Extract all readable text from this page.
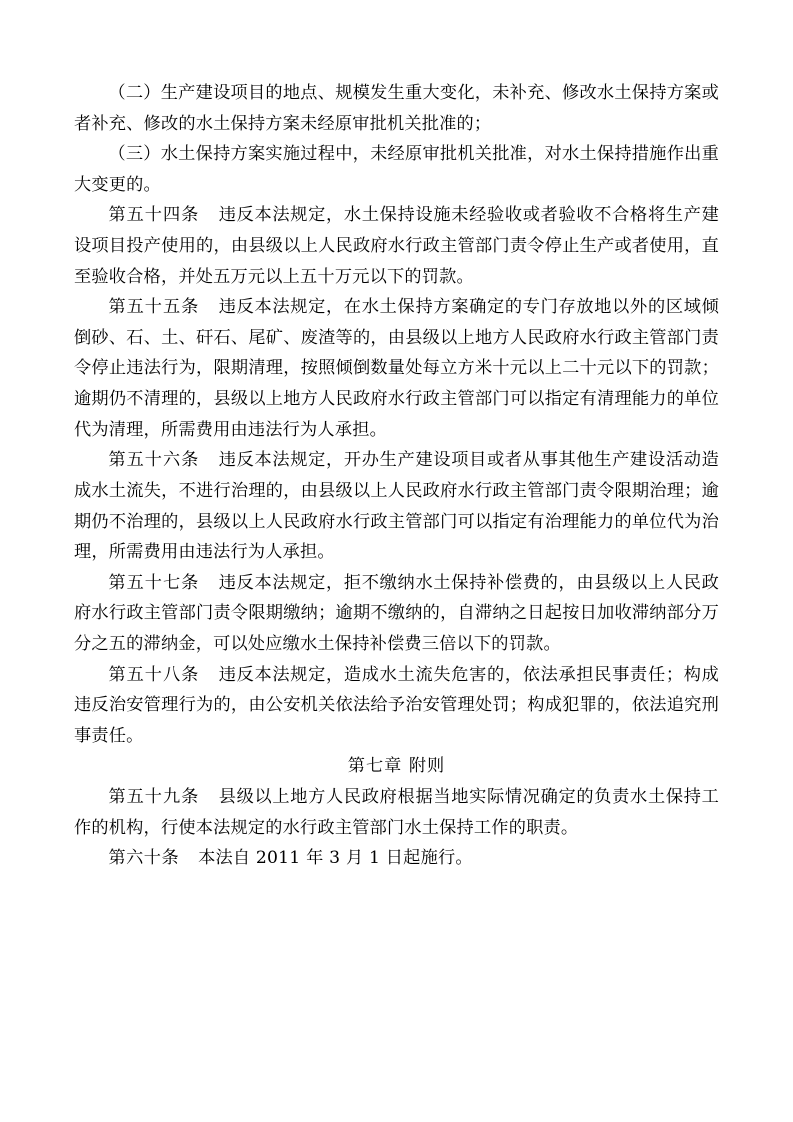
（二）生产建设项目的地点、规模发生重大变化，未补充、修改水土保持方案或者补充、修改的水土保持方案未经原审批机关批准的；

（三）水土保持方案实施过程中，未经原审批机关批准，对水土保持措施作出重大变更的。

第五十四条 违反本法规定，水土保持设施未经验收或者验收不合格将生产建设项目投产使用的，由县级以上人民政府水行政主管部门责令停止生产或者使用，直至验收合格，并处五万元以上五十万元以下的罚款。

第五十五条 违反本法规定，在水土保持方案确定的专门存放地以外的区域倾倒砂、石、土、矸石、尾矿、废渣等的，由县级以上地方人民政府水行政主管部门责令停止违法行为，限期清理，按照倾倒数量处每立方米十元以上二十元以下的罚款；逾期仍不清理的，县级以上地方人民政府水行政主管部门可以指定有清理能力的单位代为清理，所需费用由违法行为人承担。

第五十六条 违反本法规定，开办生产建设项目或者从事其他生产建设活动造成水土流失，不进行治理的，由县级以上人民政府水行政主管部门责令限期治理；逾期仍不治理的，县级以上人民政府水行政主管部门可以指定有治理能力的单位代为治理，所需费用由违法行为人承担。

第五十七条 违反本法规定，拒不缴纳水土保持补偿费的，由县级以上人民政府水行政主管部门责令限期缴纳；逾期不缴纳的，自滞纳之日起按日加收滞纳部分万分之五的滞纳金，可以处应缴水土保持补偿费三倍以下的罚款。

第五十八条 违反本法规定，造成水土流失危害的，依法承担民事责任；构成违反治安管理行为的，由公安机关依法给予治安管理处罚；构成犯罪的，依法追究刑事责任。

第七章 附则

第五十九条 县级以上地方人民政府根据当地实际情况确定的负责水土保持工作的机构，行使本法规定的水行政主管部门水土保持工作的职责。

第六十条 本法自 2011 年 3 月 1 日起施行。
